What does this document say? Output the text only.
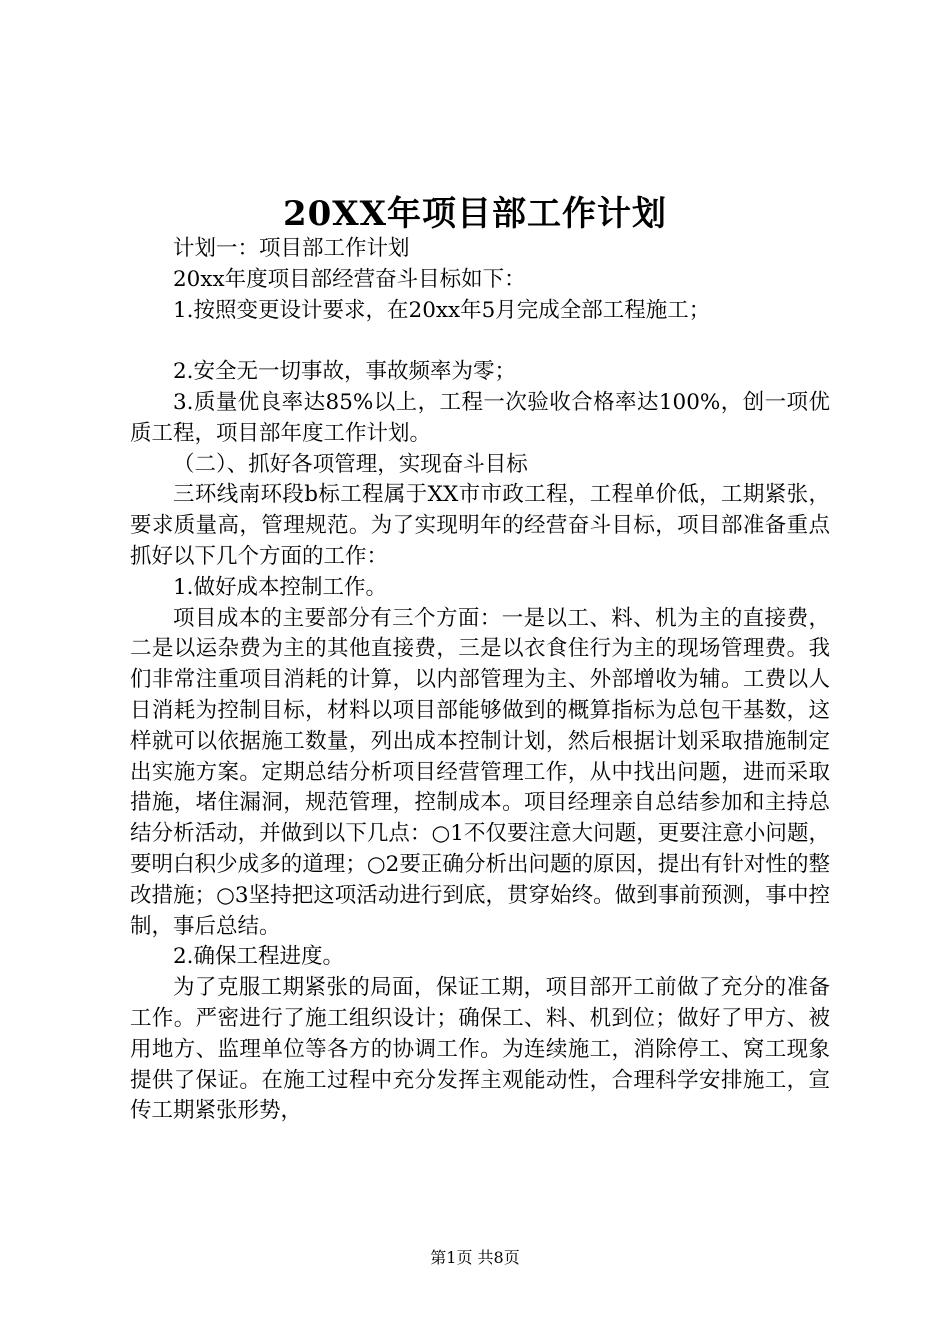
20XX年项目部工作计划

计划一：项目部工作计划

20xx年度项目部经营奋斗目标如下：

1.按照变更设计要求，在20xx年5月完成全部工程施工；

2.安全无一切事故，事故频率为零；

3.质量优良率达85%以上，工程一次验收合格率达100%，创一项优质工程，项目部年度工作计划。

（二）、抓好各项管理，实现奋斗目标

三环线南环段b标工程属于XX市市政工程，工程单价低，工期紧张，要求质量高，管理规范。为了实现明年的经营奋斗目标，项目部准备重点抓好以下几个方面的工作：

1.做好成本控制工作。

项目成本的主要部分有三个方面：一是以工、料、机为主的直接费，二是以运杂费为主的其他直接费，三是以衣食住行为主的现场管理费。我们非常注重项目消耗的计算，以内部管理为主、外部增收为辅。工费以人日消耗为控制目标，材料以项目部能够做到的概算指标为总包干基数，这样就可以依据施工数量，列出成本控制计划，然后根据计划采取措施制定出实施方案。定期总结分析项目经营管理工作，从中找出问题，进而采取措施，堵住漏洞，规范管理，控制成本。项目经理亲自总结参加和主持总结分析活动，并做到以下几点：○1不仅要注意大问题，更要注意小问题，要明白积少成多的道理；○2要正确分析出问题的原因，提出有针对性的整改措施；○3坚持把这项活动进行到底，贯穿始终。做到事前预测，事中控制，事后总结。

2.确保工程进度。

为了克服工期紧张的局面，保证工期，项目部开工前做了充分的准备工作。严密进行了施工组织设计；确保工、料、机到位；做好了甲方、被用地方、监理单位等各方的协调工作。为连续施工，消除停工、窝工现象提供了保证。在施工过程中充分发挥主观能动性，合理科学安排施工，宣传工期紧张形势，

第1页 共8页
